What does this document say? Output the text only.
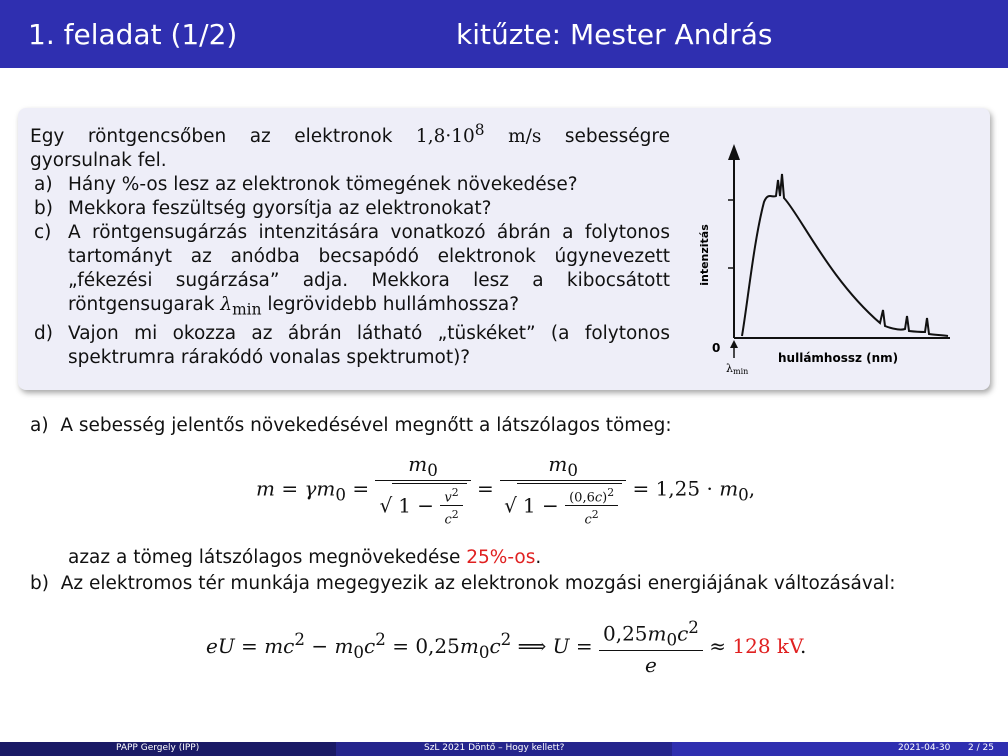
1. feladat (1/2)	kitűzte: Mester András

Egy röntgencsőben az elektronok $1,8\cdot 10^8$ m/s sebességre gyorsulnak fel.

a) Hány %-os lesz az elektronok tömegének növekedése?
b) Mekkora feszültség gyorsítja az elektronokat?
c) A röntgensugárzás intenzitására vonatkozó ábrán a folytonos tartományt az anódba becsapódó elektronok úgynevezett „fékezési sugárzása” adja. Mekkora lesz a kibocsátott röntgensugarak $\lambda_{min}$ legrövidebb hullámhossza?
d) Vajon mi okozza az ábrán látható „tüskéket” (a folytonos spektrumra rárakódó vonalas spektrumot)?
intenzitás
0
hullámhossz (nm)
λmin
a) A sebesség jelentős növekedésével megnőtt a látszólagos tömeg:
$m = \gamma m_0 = \frac{m_0}{√ 1 - \frac{v^2}{c^2}} = \frac{m_0}{√ 1 - \frac{(0,6c)^2}{c^2}} = 1,25 \cdot m_0$,
azaz a tömeg látszólagos megnövekedése 25%-os.
b) Az elektromos tér munkája megegyezik az elektronok mozgási energiájának változásával:
eU = $mc^2 - m_0c^2 = 0,25m_0c^2$ ⟹ $U = \frac{0,25m_0c^2}{e} \approx 128$ kV.
PAPP Gergely (IPP)	SzL 2021 Döntő – Hogy kellett?	2021-04-30 2 / 25
